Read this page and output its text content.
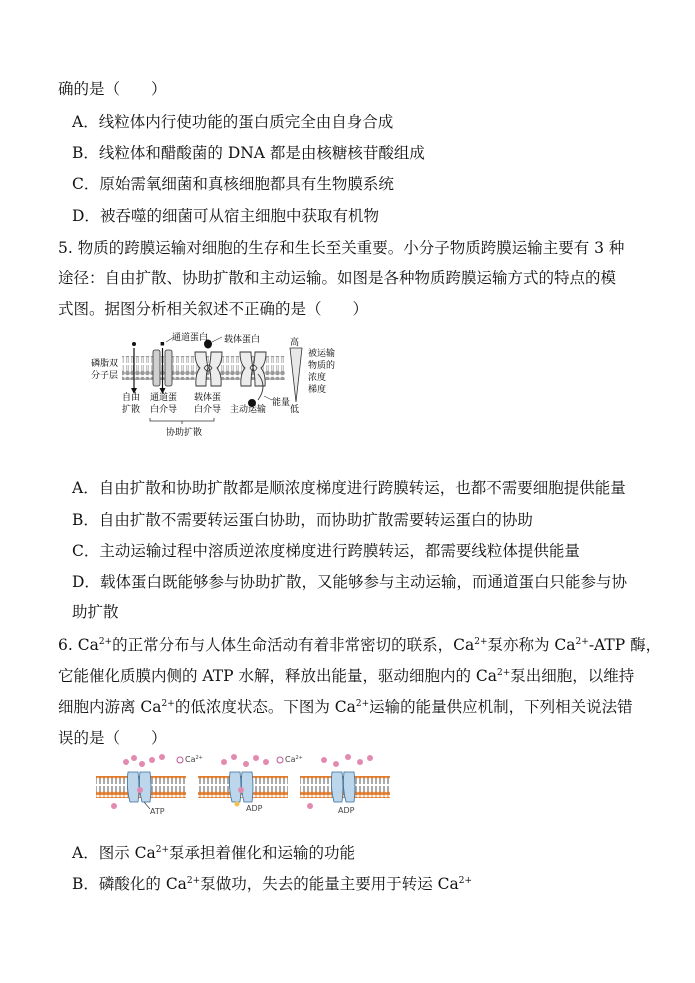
确的是（　　）
A．线粒体内行使功能的蛋白质完全由自身合成
B．线粒体和醋酸菌的 DNA 都是由核糖核苷酸组成
C．原始需氧细菌和真核细胞都具有生物膜系统
D．被吞噬的细菌可从宿主细胞中获取有机物
5. 物质的跨膜运输对细胞的生存和生长至关重要。小分子物质跨膜运输主要有 3 种
途径：自由扩散、协助扩散和主动运输。如图是各种物质跨膜运输方式的特点的模
式图。据图分析相关叙述不正确的是（　　）
通道蛋白 载体蛋白
磷脂双
分子层
自由
扩散
通道蛋
白介导
载体蛋
白介导 主动运输
能量
协助扩散
高
低
被运输
物质的
浓度
梯度
A．自由扩散和协助扩散都是顺浓度梯度进行跨膜转运，也都不需要细胞提供能量
B．自由扩散不需要转运蛋白协助，而协助扩散需要转运蛋白的协助
C．主动运输过程中溶质逆浓度梯度进行跨膜转运，都需要线粒体提供能量
D．载体蛋白既能够参与协助扩散，又能够参与主动运输，而通道蛋白只能参与协
助扩散
6. $Ca^{2+}$的正常分布与人体生命活动有着非常密切的联系，$Ca^{2+}$泵亦称为 $Ca^{2+}$-ATP 酶，
它能催化质膜内侧的 ATP 水解，释放出能量，驱动细胞内的 $Ca^{2+}$泵出细胞，以维持
细胞内游离 $Ca^{2+}$的低浓度状态。下图为 $Ca^{2+}$运输的能量供应机制，下列相关说法错
误的是（　　）
$Ca^{2+}$
ATP
$Ca^{2+}$
ADP	ADP
A．图示 $Ca^{2+}$泵承担着催化和运输的功能
B．磷酸化的 $Ca^{2+}$泵做功，失去的能量主要用于转运 $Ca^{2+}$
